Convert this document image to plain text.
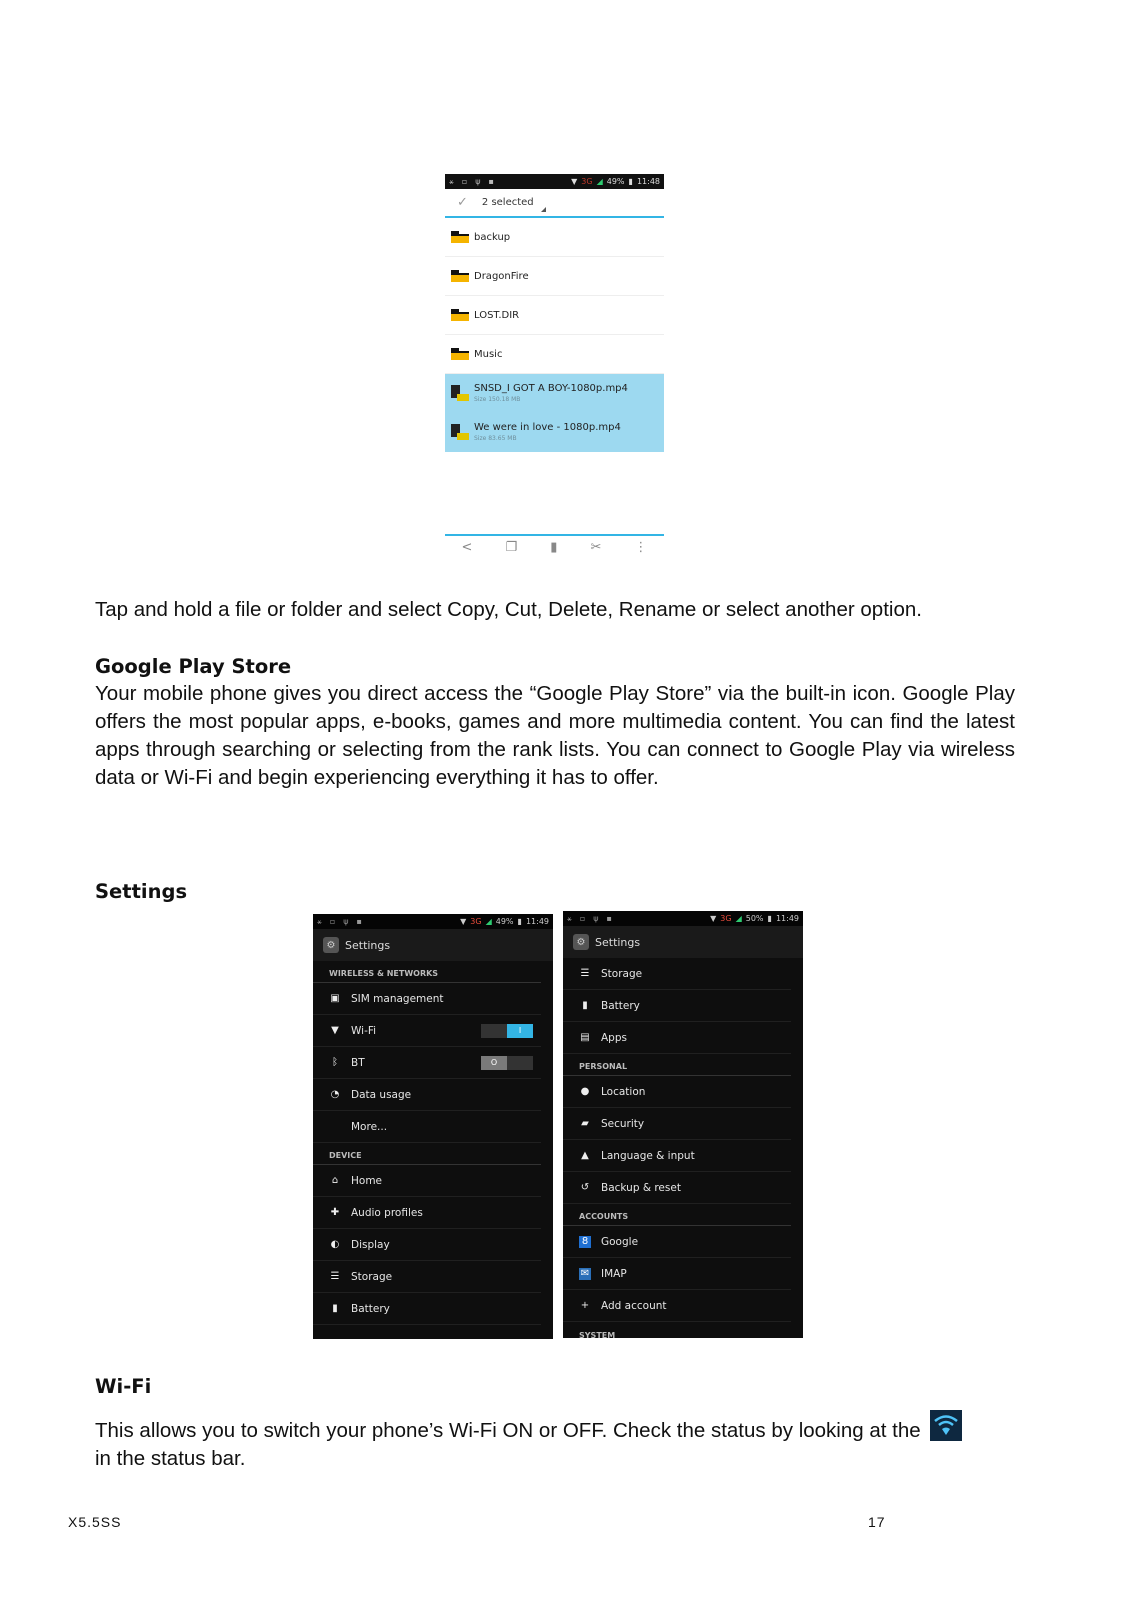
⚹ ▫ ψ ▪	▼ 3G ◢ 49% ▮ 11:48
✓ 2 selected
backup
DragonFire
LOST.DIR
Music
SNSD_I GOT A BOY-1080p.mp4
Size 150.18 MB
We were in love - 1080p.mp4
Size 83.65 MB
<	❐	▮	✂	⋮
Tap and hold a file or folder and select Copy, Cut, Delete, Rename or select another option.
Google Play Store
Your mobile phone gives you direct access the “Google Play Store” via the built-in icon. Google Play offers the most popular apps, e-books, games and more multimedia content. You can find the latest apps through searching or selecting from the rank lists. You can connect to Google Play via wireless data or Wi-Fi and begin experiencing everything it has to offer.
Settings
⚹ ▫ ψ ▪	▼ 3G ◢ 49% ▮ 11:49
⚙ Settings
WIRELESS & NETWORKS
▣ SIM management
▼ Wi-Fi	I
ᛒ BT	O
◔ Data usage
More...
DEVICE
⌂ Home
✚ Audio profiles
◐ Display
☰ Storage
▮	Battery
⚹ ▫ ψ ▪	▼ 3G ◢ 50% ▮ 11:49
⚙ Settings
☰ Storage
▮	Battery
▤ Apps
PERSONAL
● Location
▰ Security
▲ Language & input
↺ Backup & reset
ACCOUNTS
8 Google
✉ IMAP
+ Add account
SYSTEM
Wi-Fi
This allows you to switch your phone’s Wi-Fi ON or OFF. Check the status by looking at the
in the status bar.
X5.5SS	17
